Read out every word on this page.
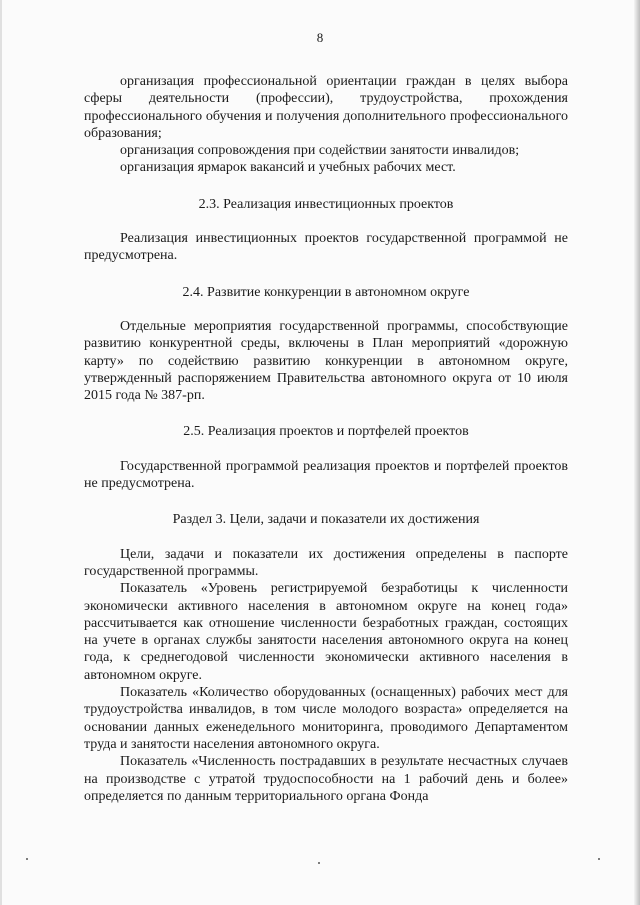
8

организация профессиональной ориентации граждан в целях выбора сферы деятельности (профессии), трудоустройства, прохождения профессионального обучения и получения дополнительного профессионального образования;

организация сопровождения при содействии занятости инвалидов;

организация ярмарок вакансий и учебных рабочих мест.

2.3. Реализация инвестиционных проектов

Реализация инвестиционных проектов государственной программой не предусмотрена.

2.4. Развитие конкуренции в автономном округе

Отдельные мероприятия государственной программы, способствующие развитию конкурентной среды, включены в План мероприятий «дорожную карту» по содействию развитию конкуренции в автономном округе, утвержденный распоряжением Правительства автономного округа от 10 июля 2015 года № 387-рп.

2.5. Реализация проектов и портфелей проектов

Государственной программой реализация проектов и портфелей проектов не предусмотрена.

Раздел 3. Цели, задачи и показатели их достижения

Цели, задачи и показатели их достижения определены в паспорте государственной программы.

Показатель «Уровень регистрируемой безработицы к численности экономически активного населения в автономном округе на конец года» рассчитывается как отношение численности безработных граждан, состоящих на учете в органах службы занятости населения автономного округа на конец года, к среднегодовой численности экономически активного населения в автономном округе.

Показатель «Количество оборудованных (оснащенных) рабочих мест для трудоустройства инвалидов, в том числе молодого возраста» определяется на основании данных еженедельного мониторинга, проводимого Департаментом труда и занятости населения автономного округа.

Показатель «Численность пострадавших в результате несчастных случаев на производстве с утратой трудоспособности на 1 рабочий день и более» определяется по данным территориального органа Фонда
